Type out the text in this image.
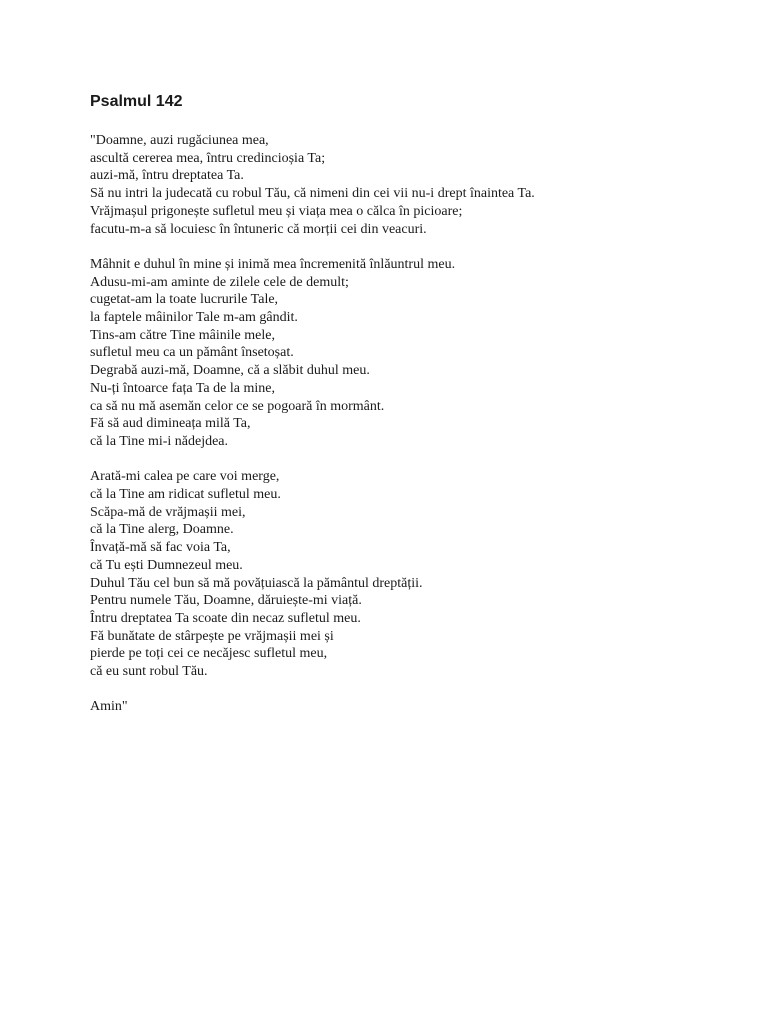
Psalmul 142
"Doamne, auzi rugăciunea mea,
ascultă cererea mea, întru credincioșia Ta;
auzi-mă, întru dreptatea Ta.
Să nu intri la judecată cu robul Tău, că nimeni din cei vii nu-i drept înaintea Ta.
Vrăjmașul prigonește sufletul meu și viața mea o călca în picioare;
facutu-m-a să locuiesc în întuneric că morții cei din veacuri.
Mâhnit e duhul în mine și inimă mea încremenită înlăuntrul meu.
Adusu-mi-am aminte de zilele cele de demult;
cugetat-am la toate lucrurile Tale,
la faptele mâinilor Tale m-am gândit.
Tins-am către Tine mâinile mele,
sufletul meu ca un pământ însetoșat.
Degrabă auzi-mă, Doamne, că a slăbit duhul meu.
Nu-ți întoarce fața Ta de la mine,
ca să nu mă asemăn celor ce se pogoară în mormânt.
Fă să aud dimineața milă Ta,
că la Tine mi-i nădejdea.
Arată-mi calea pe care voi merge,
că la Tine am ridicat sufletul meu.
Scăpa-mă de vrăjmașii mei,
că la Tine alerg, Doamne.
Învață-mă să fac voia Ta,
că Tu ești Dumnezeul meu.
Duhul Tău cel bun să mă povățuiască la pământul dreptății.
Pentru numele Tău, Doamne, dăruiește-mi viață.
Întru dreptatea Ta scoate din necaz sufletul meu.
Fă bunătate de stârpește pe vrăjmașii mei și
pierde pe toți cei ce necăjesc sufletul meu,
că eu sunt robul Tău.
Amin"
